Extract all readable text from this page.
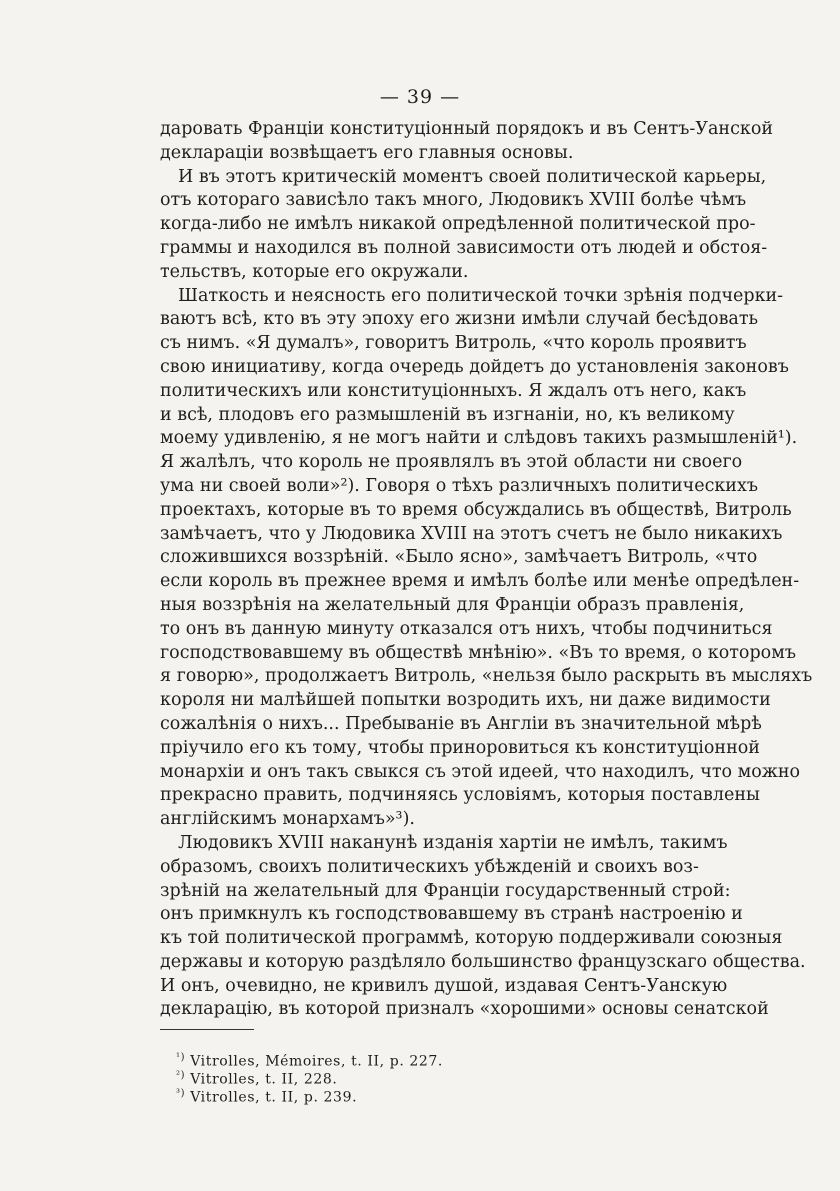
— 39 —
даровать Франціи конституціонный порядокъ и въ Сентъ-Уанской
деклараціи возвѣщаетъ его главныя основы.
И въ этотъ критическій моментъ своей политической карьеры,
отъ котораго зависѣло такъ много, Людовикъ XVIII болѣе чѣмъ
когда-либо не имѣлъ никакой опредѣленной политической про-
граммы и находился въ полной зависимости отъ людей и обстоя-
тельствъ, которые его окружали.
Шаткость и неясность его политической точки зрѣнія подчерки-
ваютъ всѣ, кто въ эту эпоху его жизни имѣли случай бесѣдовать
съ нимъ. «Я думалъ», говоритъ Витроль, «что король проявитъ
свою инициативу, когда очередь дойдетъ до установленія законовъ
политическихъ или конституціонныхъ. Я ждалъ отъ него, какъ
и всѣ, плодовъ его размышленій въ изгнаніи, но, къ великому
моему удивленію, я не могъ найти и слѣдовъ такихъ размышленій¹).
Я жалѣлъ, что король не проявлялъ въ этой области ни своего
ума ни своей воли»²). Говоря о тѣхъ различныхъ политическихъ
проектахъ, которые въ то время обсуждались въ обществѣ, Витроль
замѣчаетъ, что у Людовика XVIII на этотъ счетъ не было никакихъ
сложившихся воззрѣній. «Было ясно», замѣчаетъ Витроль, «что
если король въ прежнее время и имѣлъ болѣе или менѣе опредѣлен-
ныя воззрѣнія на желательный для Франціи образъ правленія,
то онъ въ данную минуту отказался отъ нихъ, чтобы подчиниться
господствовавшему въ обществѣ мнѣнію». «Въ то время, о которомъ
я говорю», продолжаетъ Витроль, «нельзя было раскрыть въ мысляхъ
короля ни малѣйшей попытки возродить ихъ, ни даже видимости
сожалѣнія о нихъ... Пребываніе въ Англіи въ значительной мѣрѣ
пріучило его къ тому, чтобы приноровиться къ конституціонной
монархіи и онъ такъ свыкся съ этой идеей, что находилъ, что можно
прекрасно править, подчиняясь условіямъ, которыя поставлены
англійскимъ монархамъ»³).
Людовикъ XVIII наканунѣ изданія хартіи не имѣлъ, такимъ
образомъ, своихъ политическихъ убѣжденій и своихъ воз-
зрѣній на желательный для Франціи государственный строй:
онъ примкнулъ къ господствовавшему въ странѣ настроенію и
къ той политической программѣ, которую поддерживали союзныя
державы и которую раздѣляло большинство французскаго общества.
И онъ, очевидно, не кривилъ душой, издавая Сентъ-Уанскую
декларацію, въ которой призналъ «хорошими» основы сенатской
$^{^1)}$ Vitrolles, Mémoires, t. II, p. 227.
$^{^2)}$ Vitrolles, t. II, 228.
$^{^3)}$ Vitrolles, t. II, p. 239.
